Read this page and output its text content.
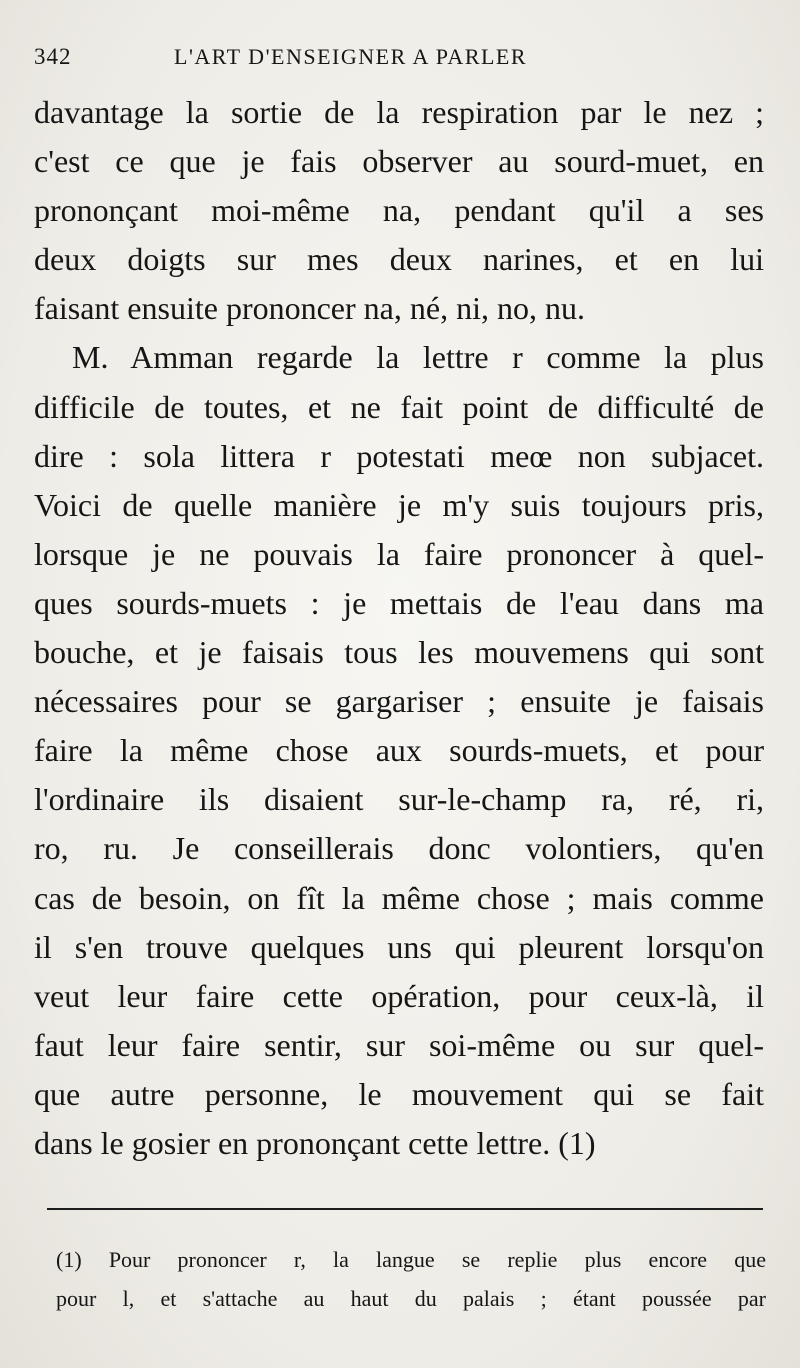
342	L'ART D'ENSEIGNER A PARLER
davantage la sortie de la respiration par le nez ;
c'est ce que je fais observer au sourd-muet, en
prononçant moi-même na, pendant qu'il a ses
deux doigts sur mes deux narines, et en lui
faisant ensuite prononcer na, né, ni, no, nu.
M. Amman regarde la lettre r comme la plus
difficile de toutes, et ne fait point de difficulté de
dire : sola littera r potestati meœ non subjacet.
Voici de quelle manière je m'y suis toujours pris,
lorsque je ne pouvais la faire prononcer à quel-
ques sourds-muets : je mettais de l'eau dans ma
bouche, et je faisais tous les mouvemens qui sont
nécessaires pour se gargariser ; ensuite je faisais
faire la même chose aux sourds-muets, et pour
l'ordinaire ils disaient sur-le-champ ra, ré, ri,
ro, ru. Je conseillerais donc volontiers, qu'en
cas de besoin, on fît la même chose ; mais comme
il s'en trouve quelques uns qui pleurent lorsqu'on
veut leur faire cette opération, pour ceux-là, il
faut leur faire sentir, sur soi-même ou sur quel-
que autre personne, le mouvement qui se fait
dans le gosier en prononçant cette lettre. (1)
(1) Pour prononcer r, la langue se replie plus encore que
pour l, et s'attache au haut du palais ; étant poussée par
